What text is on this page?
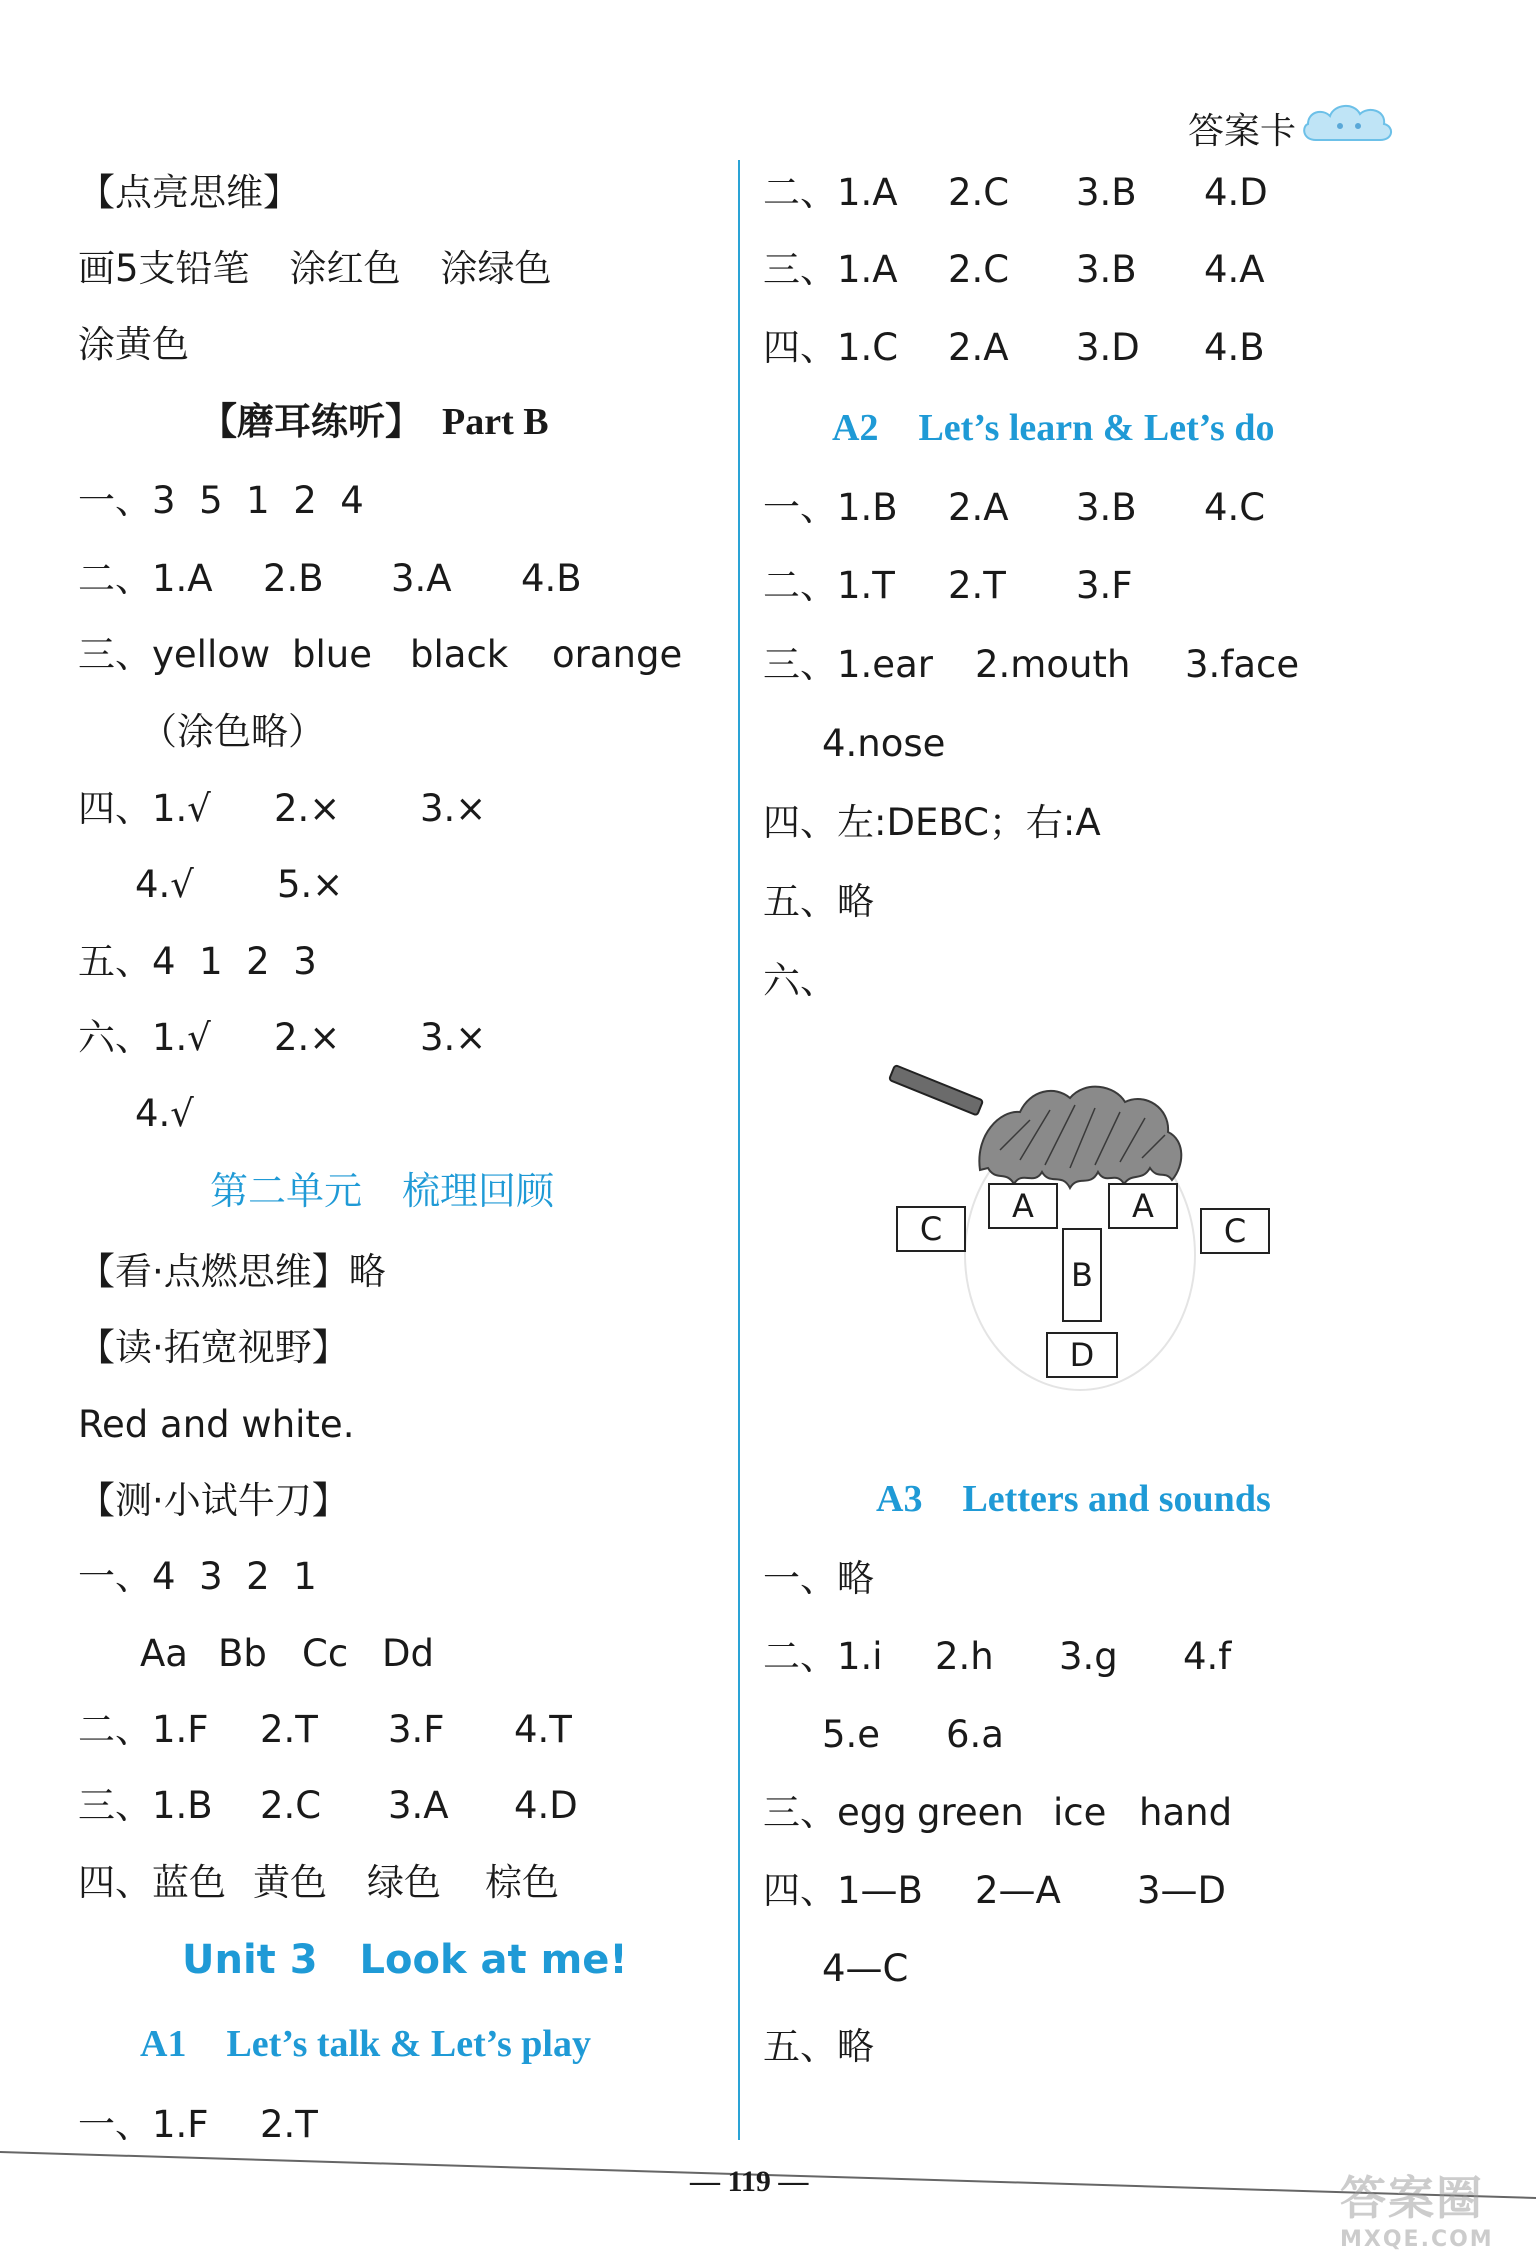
答案卡
【点亮思维】
画5支铅笔 涂红色 涂绿色
涂黄色
【磨耳练听】 Part B
一、3  5  1  2  4
二、1.A 2.B 3.A 4.B
三、yellow blue black orange
（涂色略）
四、1.√ 2.× 3.×
4.√ 5.×
五、4  1  2  3
六、1.√ 2.× 3.×
4.√
第二单元 梳理回顾
【看·点燃思维】略
【读·拓宽视野】
Red and white.
【测·小试牛刀】
一、4  3  2  1
Aa Bb Cc Dd
二、1.F 2.T 3.F 4.T
三、1.B 2.C 3.A 4.D
四、蓝色 黄色 绿色 棕色
Unit 3 Look at me!
A1 Let’s talk & Let’s play
一、1.F 2.T
二、1.A 2.C 3.B 4.D
三、1.A 2.C 3.B 4.A
四、1.C 2.A 3.D 4.B
A2 Let’s learn & Let’s do
一、1.B 2.A 3.B 4.C
二、1.T 2.T 3.F
三、1.ear 2.mouth 3.face
4.nose
四、左:DEBC；右:A
五、略
六、
C
A	A
C
B
D
A3 Letters and sounds
一、略
二、1.i 2.h 3.g 4.f
5.e 6.a
三、egg green ice hand
四、1—B 2—A 3—D
4—C
五、略
— 119 —	答案圈
MXQE.COM
